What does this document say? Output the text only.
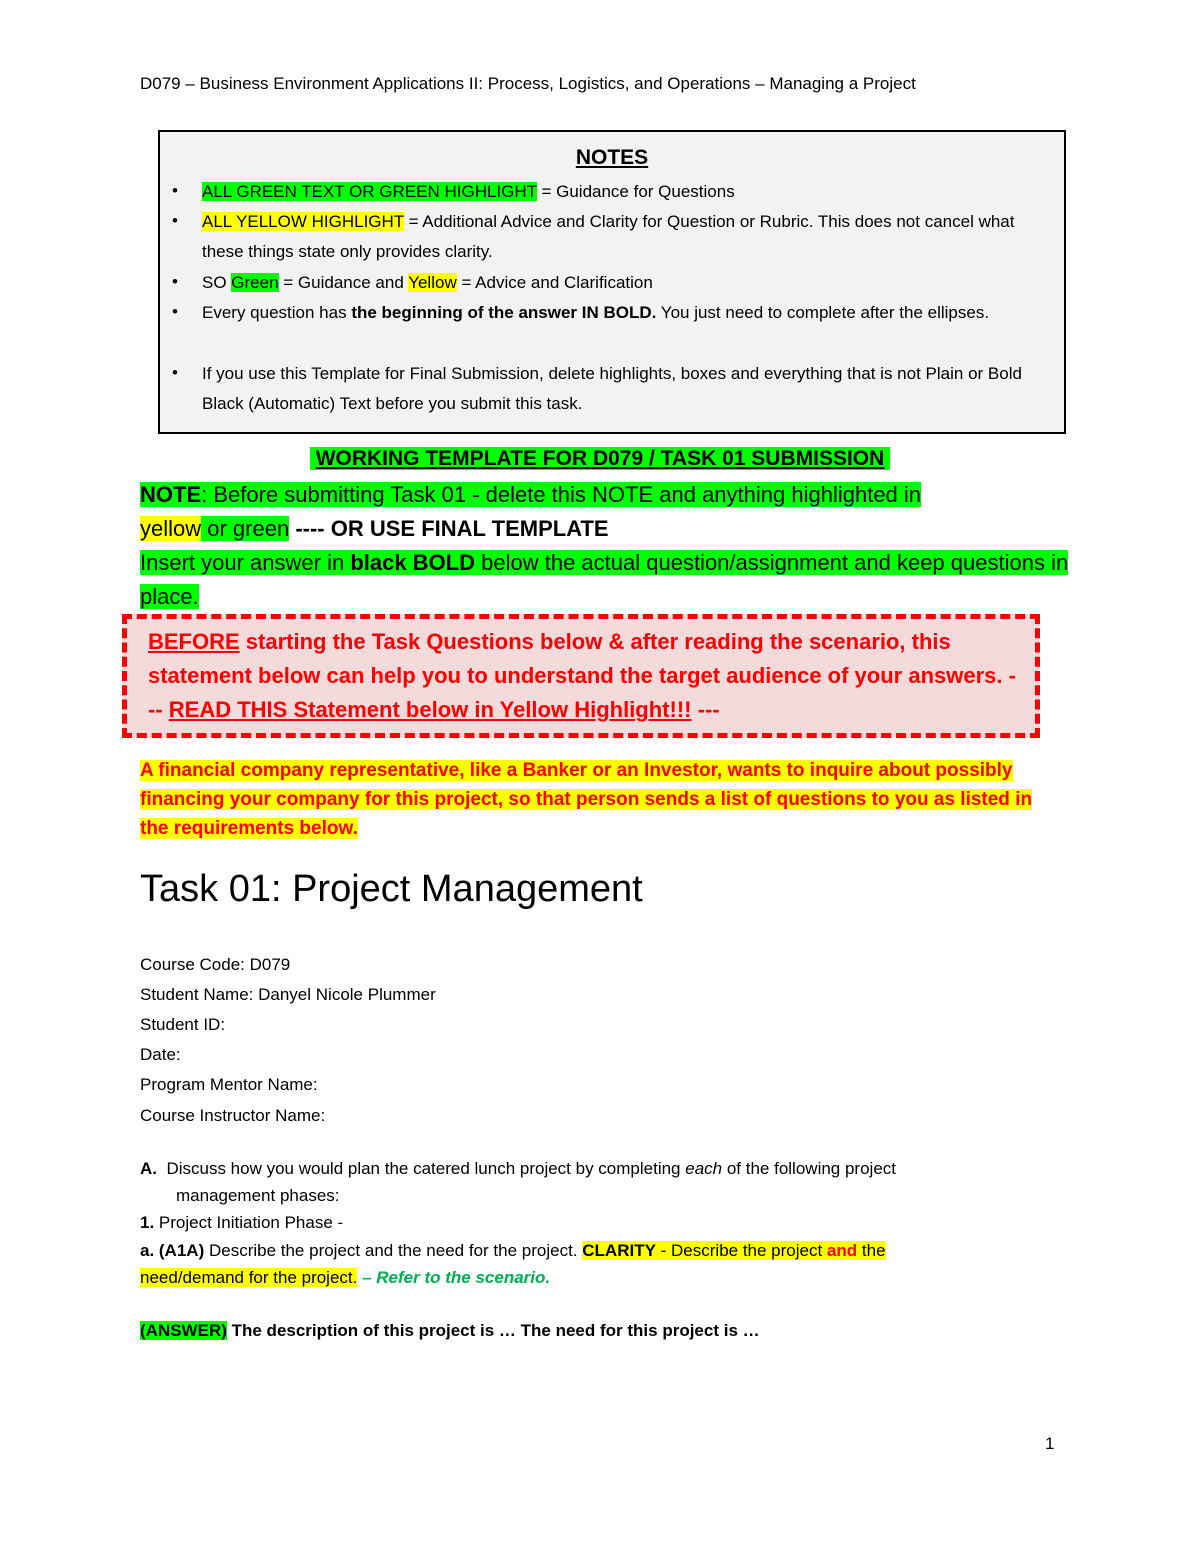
D079 – Business Environment Applications II: Process, Logistics, and Operations – Managing a Project
NOTES
• ALL GREEN TEXT OR GREEN HIGHLIGHT = Guidance for Questions
• ALL YELLOW HIGHLIGHT = Additional Advice and Clarity for Question or Rubric. This does not cancel what these things state only provides clarity.
• SO Green = Guidance and Yellow = Advice and Clarification
• Every question has the beginning of the answer IN BOLD. You just need to complete after the ellipses.
• If you use this Template for Final Submission, delete highlights, boxes and everything that is not Plain or Bold Black (Automatic) Text before you submit this task.
WORKING TEMPLATE FOR D079 / TASK 01 SUBMISSION
NOTE: Before submitting Task 01 - delete this NOTE and anything highlighted in
yellow or green ---- OR USE FINAL TEMPLATE
Insert your answer in black BOLD below the actual question/assignment and keep questions in place.
BEFORE starting the Task Questions below & after reading the scenario, this statement below can help you to understand the target audience of your answers. --- READ THIS Statement below in Yellow Highlight!!! ---
A financial company representative, like a Banker or an Investor, wants to inquire about possibly financing your company for this project, so that person sends a list of questions to you as listed in the requirements below.
Task 01: Project Management
Course Code: D079
Student Name: Danyel Nicole Plummer
Student ID:
Date:
Program Mentor Name:
Course Instructor Name:
A. Discuss how you would plan the catered lunch project by completing each of the following project
management phases:
1. Project Initiation Phase -
a. (A1A) Describe the project and the need for the project. CLARITY - Describe the project and the
need/demand for the project. – Refer to the scenario.
(ANSWER) The description of this project is … The need for this project is …
1
